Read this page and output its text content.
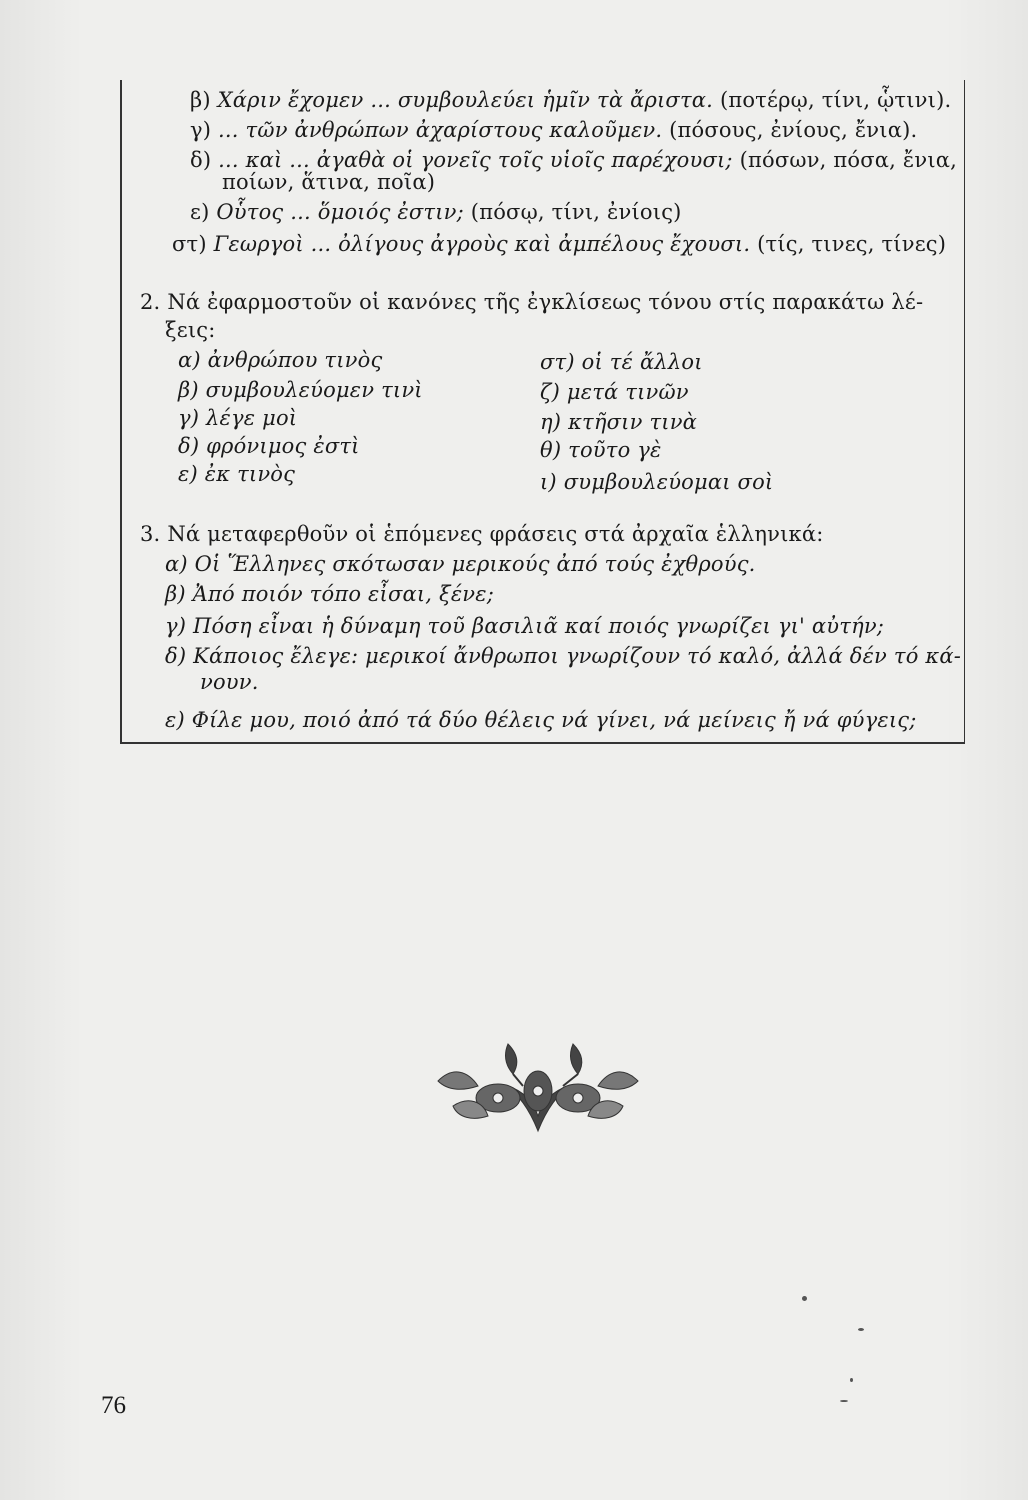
β) Χάριν ἔχομεν ... συμβουλεύει ἡμῖν τὰ ἄριστα. (ποτέρῳ, τίνι, ᾧτινι).
γ) ... τῶν ἀνθρώπων ἀχαρίστους καλοῦμεν. (πόσους, ἐνίους, ἔνια).
δ) ... καὶ ... ἀγαθὰ οἱ γονεῖς τοῖς υἱοῖς παρέχουσι; (πόσων, πόσα, ἔνια,
ποίων, ἅτινα, ποῖα)
ε) Οὗτος ... ὅμοιός ἐστιν; (πόσῳ, τίνι, ἐνίοις)
στ) Γεωργοὶ ... ὀλίγους ἀγροὺς καὶ ἀμπέλους ἔχουσι. (τίς, τινες, τίνες)
2. Νά ἐφαρμοστοῦν οἱ κανόνες τῆς ἐγκλίσεως τόνου στίς παρακάτω λέ-
ξεις:
α) ἀνθρώπου τινὸς
β) συμβουλεύομεν τινὶ
γ) λέγε μοὶ
δ) φρόνιμος ἐστὶ
ε) ἐκ τινὸς
στ) οἱ τέ ἄλλοι
ζ) μετά τινῶν
η) κτῆσιν τινὰ
θ) τοῦτο γὲ
ι) συμβουλεύομαι σοὶ
3. Νά μεταφερθοῦν οἱ ἑπόμενες φράσεις στά ἀρχαῖα ἑλληνικά:
α) Οἱ Ἕλληνες σκότωσαν μερικούς ἀπό τούς ἐχθρούς.
β) Ἀπό ποιόν τόπο εἶσαι, ξένε;
γ) Πόση εἶναι ἡ δύναμη τοῦ βασιλιᾶ καί ποιός γνωρίζει γι' αὐτήν;
δ) Κάποιος ἔλεγε: μερικοί ἄνθρωποι γνωρίζουν τό καλό, ἀλλά δέν τό κά-
νουν.
ε) Φίλε μου, ποιό ἀπό τά δύο θέλεις νά γίνει, νά μείνεις ἤ νά φύγεις;
76
